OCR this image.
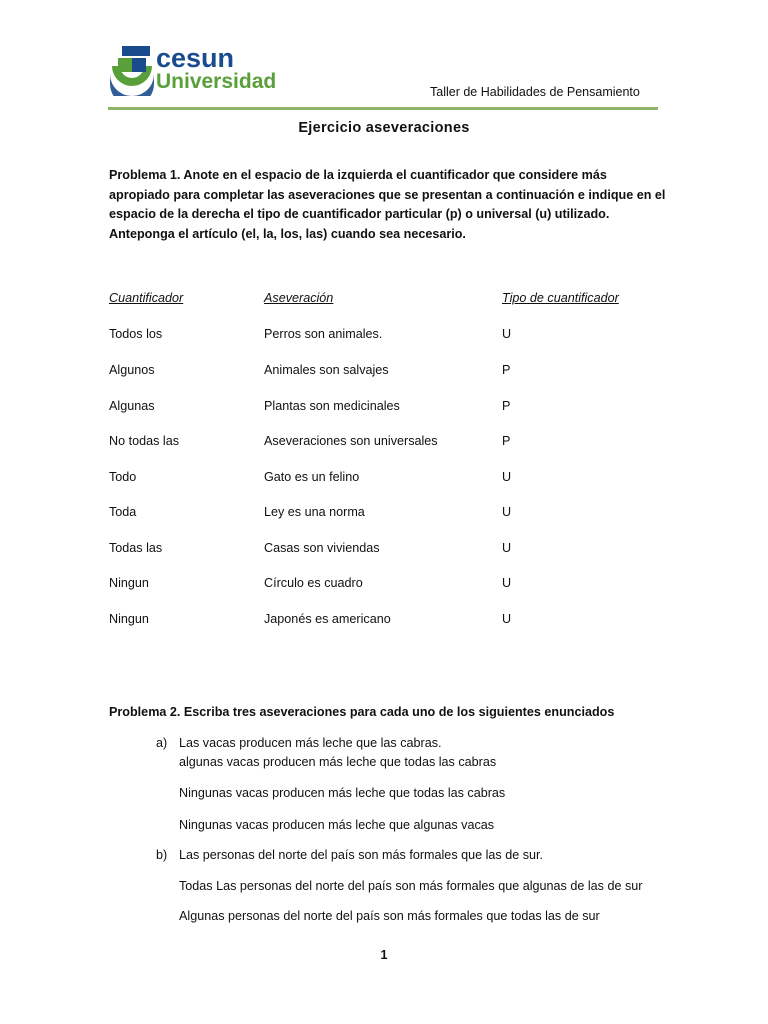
cesun
Universidad	Taller de Habilidades de Pensamiento
Ejercicio aseveraciones
Problema 1. Anote en el espacio de la izquierda el cuantificador que considere más
apropiado para completar las aseveraciones que se presentan a continuación e indique en el
espacio de la derecha el tipo de cuantificador particular (p) o universal (u) utilizado.
Anteponga el artículo (el, la, los, las) cuando sea necesario.
Cuantificador	Aseveración	Tipo de cuantificador
Todos los	Perros son animales.	U
Algunos	Animales son salvajes	P
Algunas	Plantas son medicinales	P
No todas las	Aseveraciones son universales	P
Todo	Gato es un felino	U
Toda	Ley es una norma	U
Todas las	Casas son viviendas	U
Ningun	Círculo es cuadro	U
Ningun	Japonés es americano	U
Problema 2. Escriba tres aseveraciones para cada uno de los siguientes enunciados
a) Las vacas producen más leche que las cabras.
algunas vacas producen más leche que todas las cabras
Ningunas vacas producen más leche que todas las cabras
Ningunas vacas producen más leche que algunas vacas
b) Las personas del norte del país son más formales que las de sur.
Todas Las personas del norte del país son más formales que algunas de las de sur
Algunas personas del norte del país son más formales que todas las de sur
1
